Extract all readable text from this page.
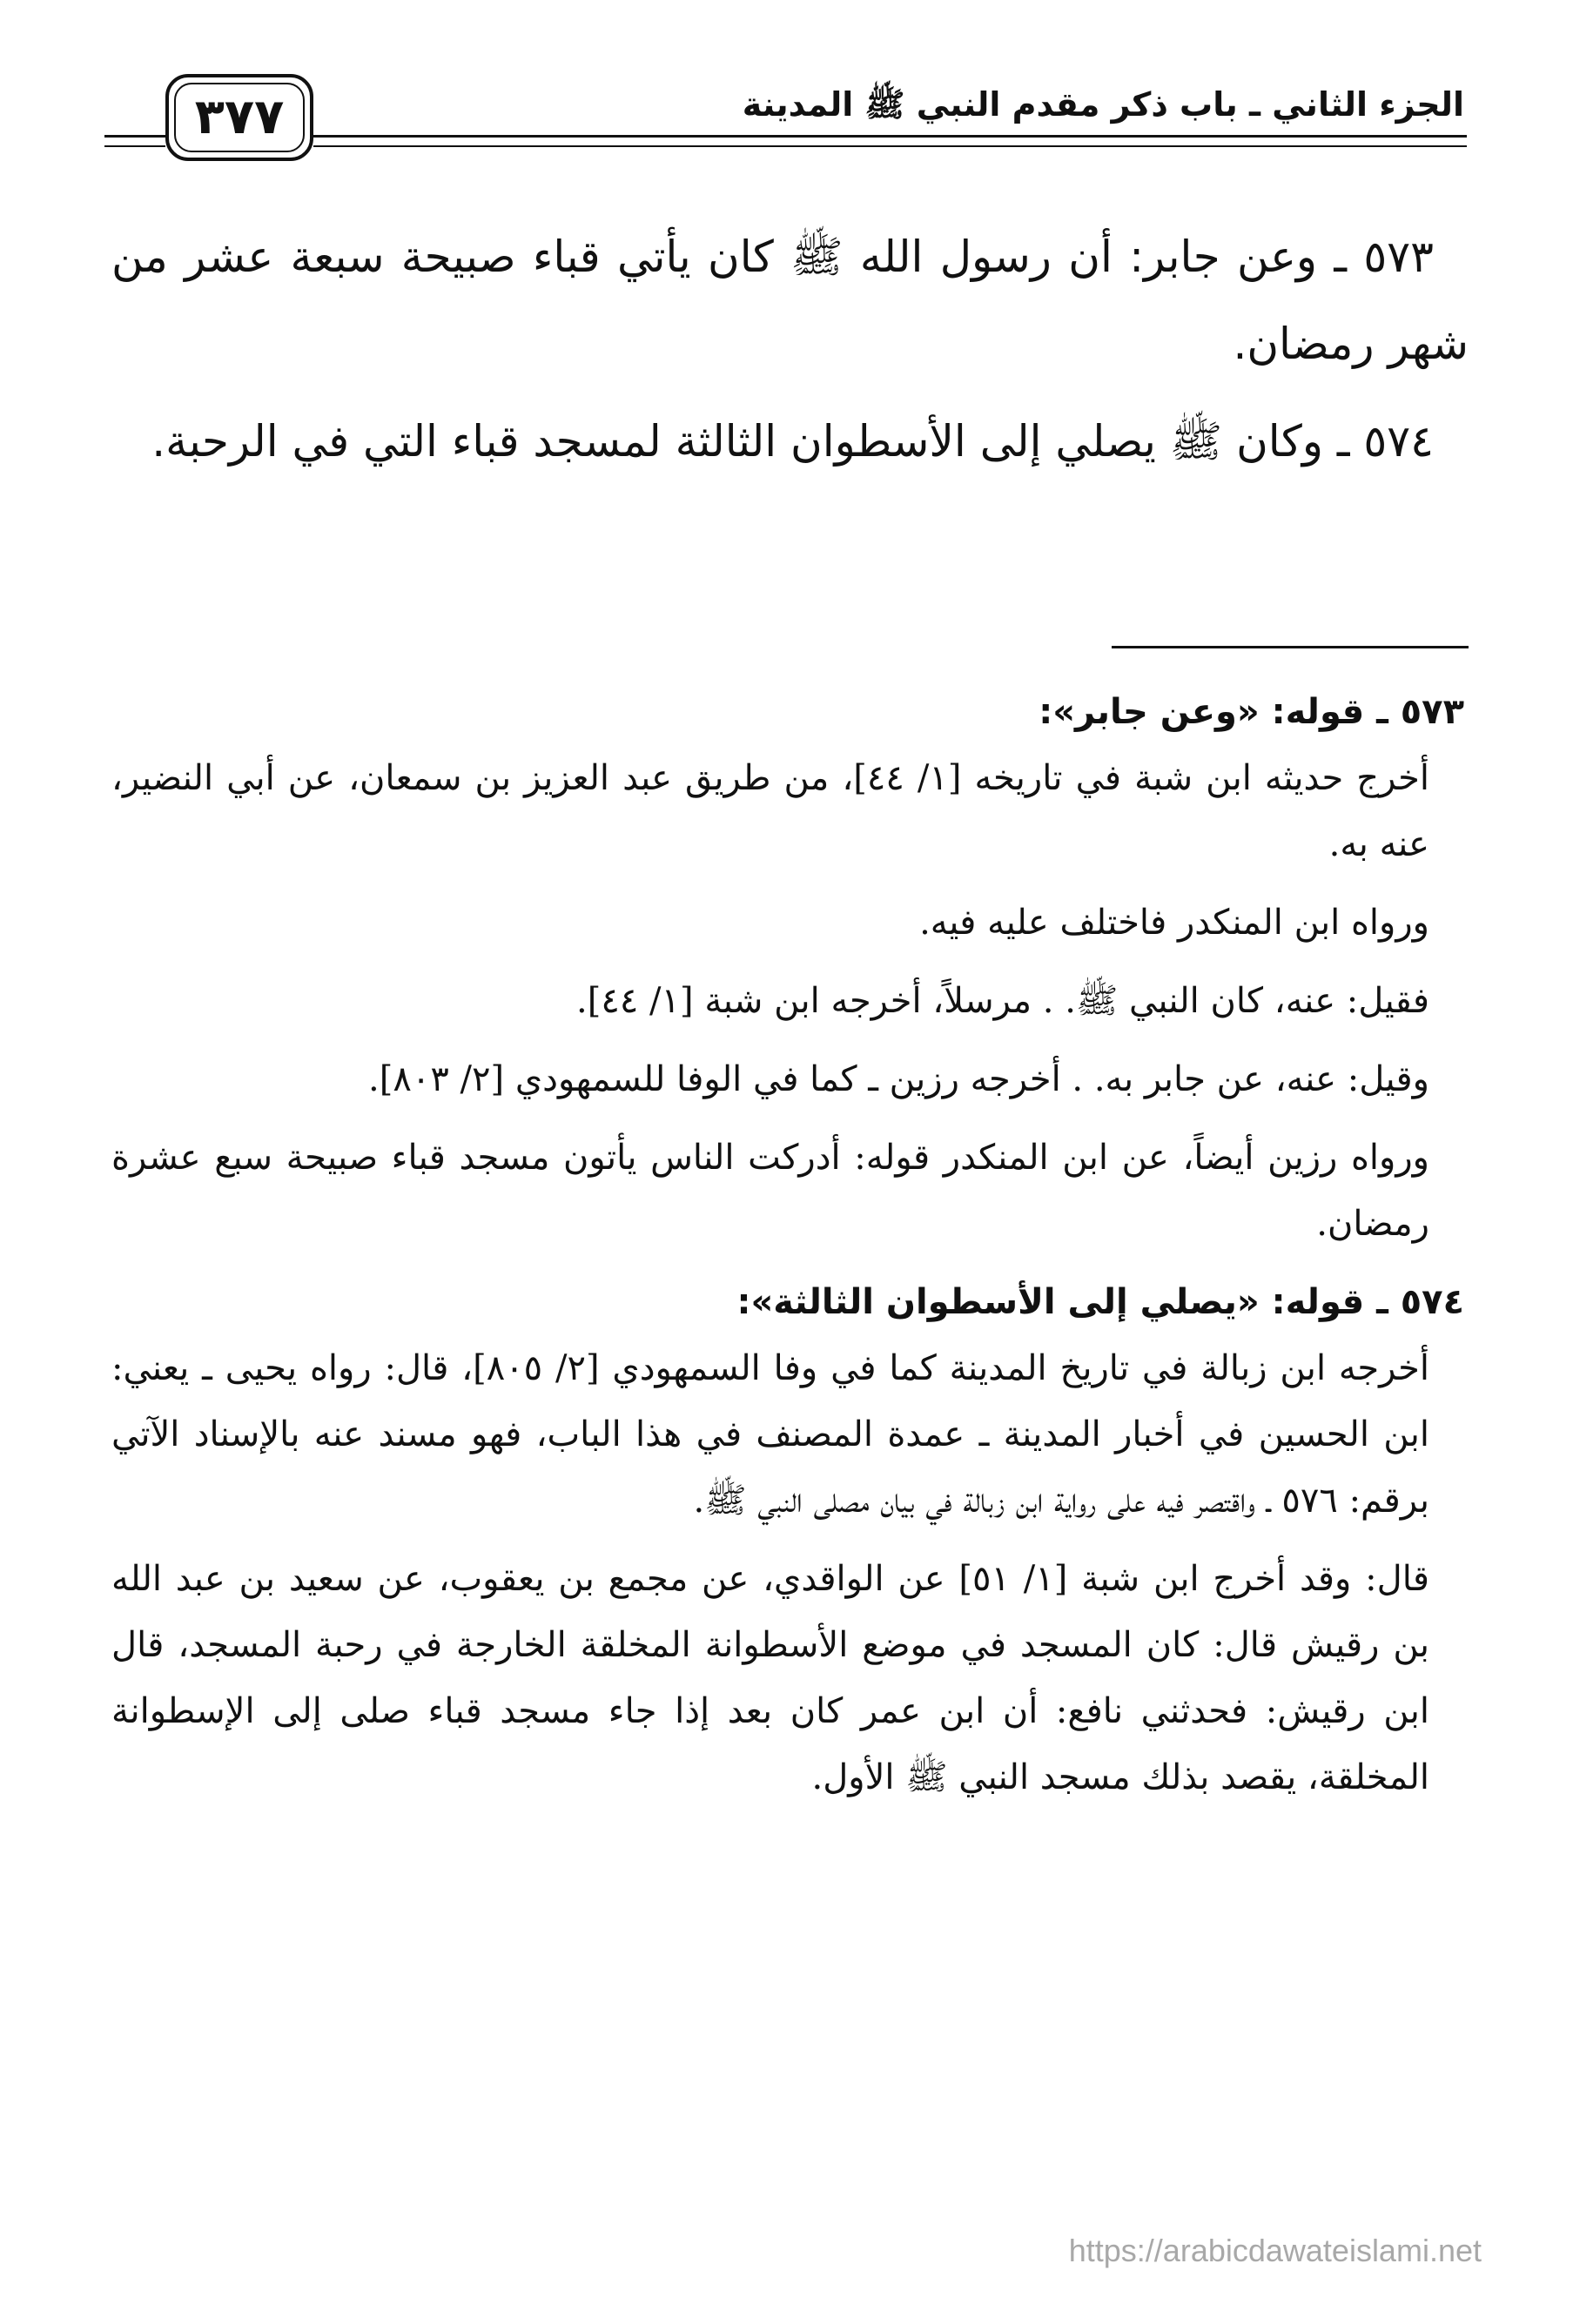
الجزء الثاني ـ باب ذكر مقدم النبي ﷺ المدينة
٣٧٧

٥٧٣ ـ وعن جابر: أن رسول الله ﷺ كان يأتي قباء صبيحة سبعة عشر من شهر رمضان.

٥٧٤ ـ وكان ﷺ يصلي إلى الأسطوان الثالثة لمسجد قباء التي في الرحبة.

٥٧٣ ـ قوله: «وعن جابر»:

أخرج حديثه ابن شبة في تاريخه [١/ ٤٤]، من طريق عبد العزيز بن سمعان، عن أبي النضير، عنه به.

ورواه ابن المنكدر فاختلف عليه فيه.

فقيل: عنه، كان النبي ﷺ. . مرسلاً، أخرجه ابن شبة [١/ ٤٤].

وقيل: عنه، عن جابر به. . أخرجه رزين ـ كما في الوفا للسمهودي [٢/ ٨٠٣].

ورواه رزين أيضاً، عن ابن المنكدر قوله: أدركت الناس يأتون مسجد قباء صبيحة سبع عشرة رمضان.

٥٧٤ ـ قوله: «يصلي إلى الأسطوان الثالثة»:

أخرجه ابن زبالة في تاريخ المدينة كما في وفا السمهودي [٢/ ٨٠٥]، قال: رواه يحيى ـ يعني: ابن الحسين في أخبار المدينة ـ عمدة المصنف في هذا الباب، فهو مسند عنه بالإسناد الآتي برقم: ٥٧٦ ـ واقتصر فيه على رواية ابن زبالة في بيان مصلى النبي ﷺ.

قال: وقد أخرج ابن شبة [١/ ٥١] عن الواقدي، عن مجمع بن يعقوب، عن سعيد بن عبد الله بن رقيش قال: كان المسجد في موضع الأسطوانة المخلقة الخارجة في رحبة المسجد، قال ابن رقيش: فحدثني نافع: أن ابن عمر كان بعد إذا جاء مسجد قباء صلى إلى الإسطوانة المخلقة، يقصد بذلك مسجد النبي ﷺ الأول.

https://arabicdawateislami.net
